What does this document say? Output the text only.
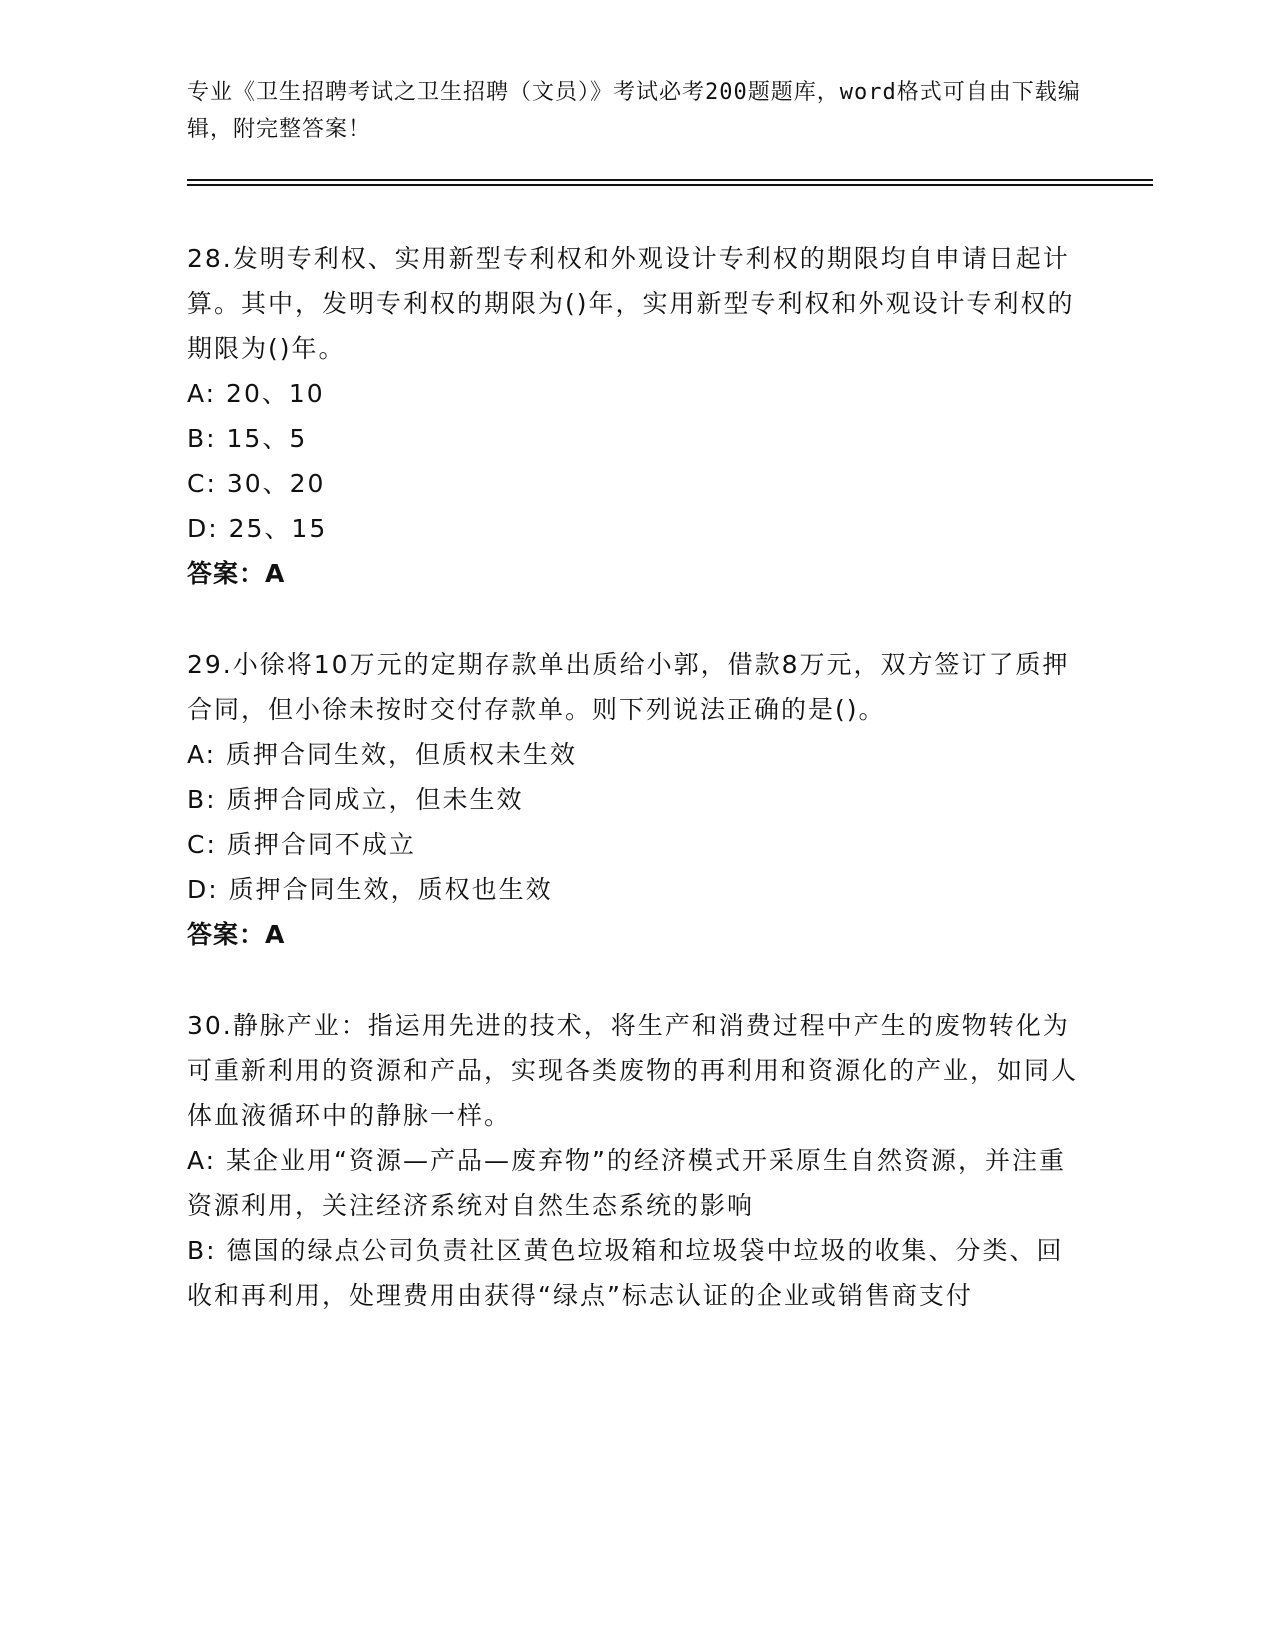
专业《卫生招聘考试之卫生招聘（文员）》考试必考200题题库，word格式可自由下载编辑，附完整答案！

28.发明专利权、实用新型专利权和外观设计专利权的期限均自申请日起计算。其中，发明专利权的期限为()年，实用新型专利权和外观设计专利权的期限为()年。

A: 20、10

B: 15、5

C: 30、20

D: 25、15

答案：A

29.小徐将10万元的定期存款单出质给小郭，借款8万元，双方签订了质押合同，但小徐未按时交付存款单。则下列说法正确的是()。

A: 质押合同生效，但质权未生效

B: 质押合同成立，但未生效

C: 质押合同不成立

D: 质押合同生效，质权也生效

答案：A

30.静脉产业：指运用先进的技术，将生产和消费过程中产生的废物转化为可重新利用的资源和产品，实现各类废物的再利用和资源化的产业，如同人体血液循环中的静脉一样。

A: 某企业用“资源—产品—废弃物”的经济模式开采原生自然资源，并注重资源利用，关注经济系统对自然生态系统的影响

B: 德国的绿点公司负责社区黄色垃圾箱和垃圾袋中垃圾的收集、分类、回收和再利用，处理费用由获得“绿点”标志认证的企业或销售商支付
